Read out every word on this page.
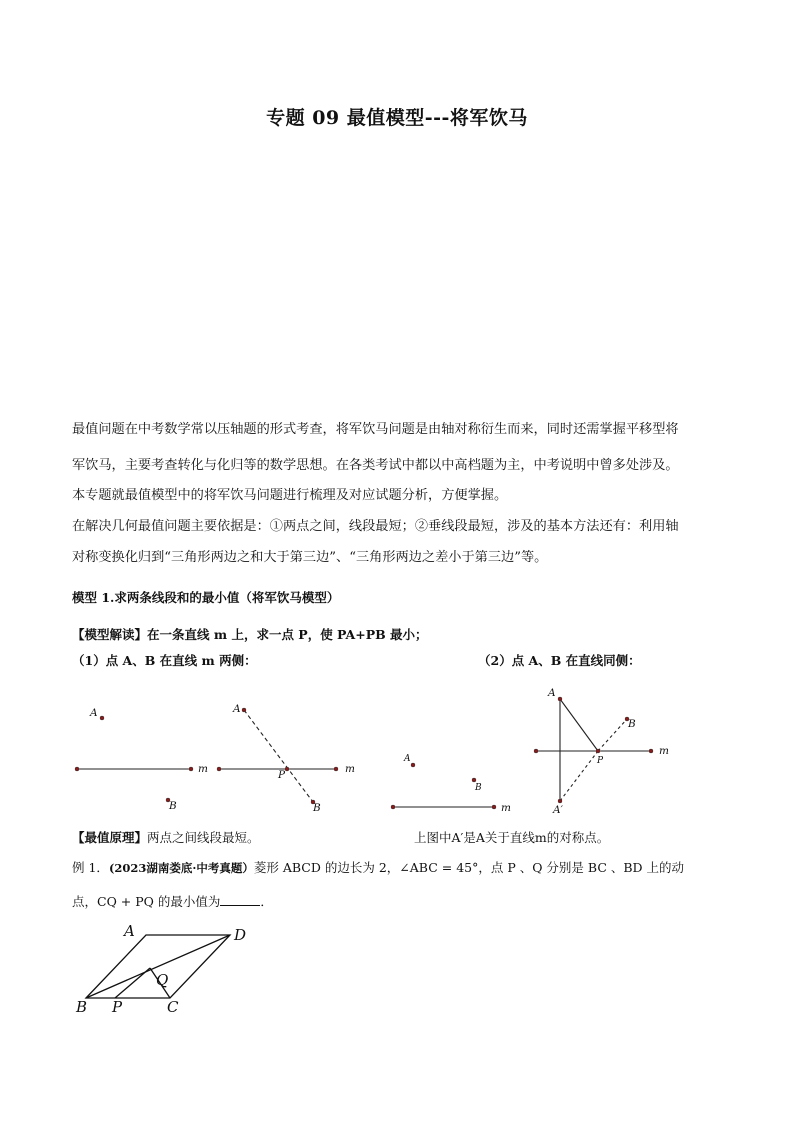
专题 09 最值模型---将军饮马
最值问题在中考数学常以压轴题的形式考查，将军饮马问题是由轴对称衍生而来，同时还需掌握平移型将
军饮马，主要考查转化与化归等的数学思想。在各类考试中都以中高档题为主，中考说明中曾多处涉及。
本专题就最值模型中的将军饮马问题进行梳理及对应试题分析，方便掌握。
在解决几何最值问题主要依据是：①两点之间，线段最短；②垂线段最短，涉及的基本方法还有：利用轴
对称变换化归到“三角形两边之和大于第三边”、“三角形两边之差小于第三边”等。
模型 1.求两条线段和的最小值（将军饮马模型）
【模型解读】在一条直线 m 上，求一点 P，使 PA+PB 最小；
（1）点 A、B 在直线 m 两侧：	（2）点 A、B 在直线同侧：
A
B
m
A
B
P	m
A
B
m
A
B
P
A′
m
【最值原理】两点之间线段最短。	上图中A′是A关于直线m的对称点。
例 1．(2023湖南娄底·中考真题）菱形 ABCD 的边长为 2，∠ABC = 45°，点 P 、Q 分别是 BC 、BD 上的动
点，CQ + PQ 的最小值为	．
A	D
Q
B P	C
